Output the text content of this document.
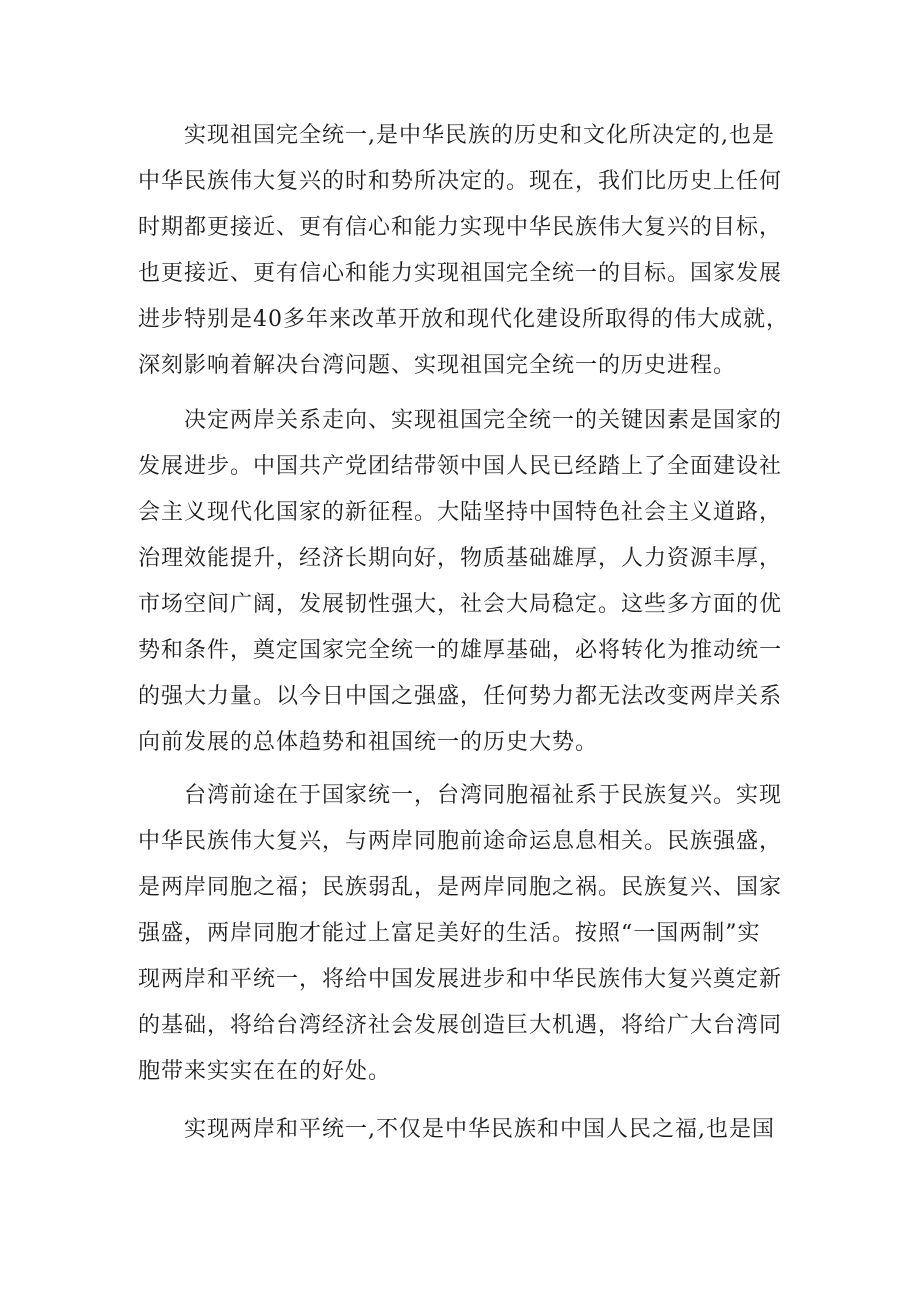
实现祖国完全统一,是中华民族的历史和文化所决定的,也是
中华民族伟大复兴的时和势所决定的。现在，我们比历史上任何
时期都更接近、更有信心和能力实现中华民族伟大复兴的目标，
也更接近、更有信心和能力实现祖国完全统一的目标。国家发展
进步特别是40多年来改革开放和现代化建设所取得的伟大成就，
深刻影响着解决台湾问题、实现祖国完全统一的历史进程。
决定两岸关系走向、实现祖国完全统一的关键因素是国家的
发展进步。中国共产党团结带领中国人民已经踏上了全面建设社
会主义现代化国家的新征程。大陆坚持中国特色社会主义道路，
治理效能提升，经济长期向好，物质基础雄厚，人力资源丰厚，
市场空间广阔，发展韧性强大，社会大局稳定。这些多方面的优
势和条件，奠定国家完全统一的雄厚基础，必将转化为推动统一
的强大力量。以今日中国之强盛，任何势力都无法改变两岸关系
向前发展的总体趋势和祖国统一的历史大势。
台湾前途在于国家统一，台湾同胞福祉系于民族复兴。实现
中华民族伟大复兴，与两岸同胞前途命运息息相关。民族强盛，
是两岸同胞之福；民族弱乱，是两岸同胞之祸。民族复兴、国家
强盛，两岸同胞才能过上富足美好的生活。按照“一国两制”实
现两岸和平统一，将给中国发展进步和中华民族伟大复兴奠定新
的基础，将给台湾经济社会发展创造巨大机遇，将给广大台湾同
胞带来实实在在的好处。
实现两岸和平统一,不仅是中华民族和中国人民之福,也是国
